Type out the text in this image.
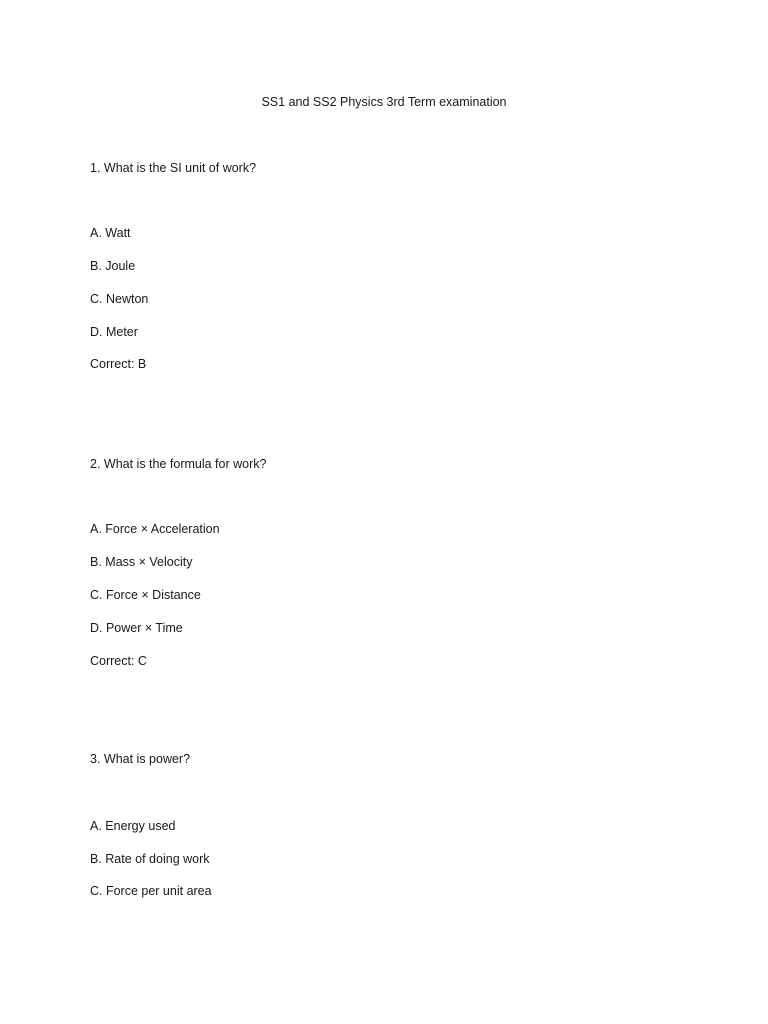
SS1 and SS2 Physics 3rd Term examination
1. What is the SI unit of work?
A. Watt
B. Joule
C. Newton
D. Meter
Correct: B
2. What is the formula for work?
A. Force × Acceleration
B. Mass × Velocity
C. Force × Distance
D. Power × Time
Correct: C
3. What is power?
A. Energy used
B. Rate of doing work
C. Force per unit area
